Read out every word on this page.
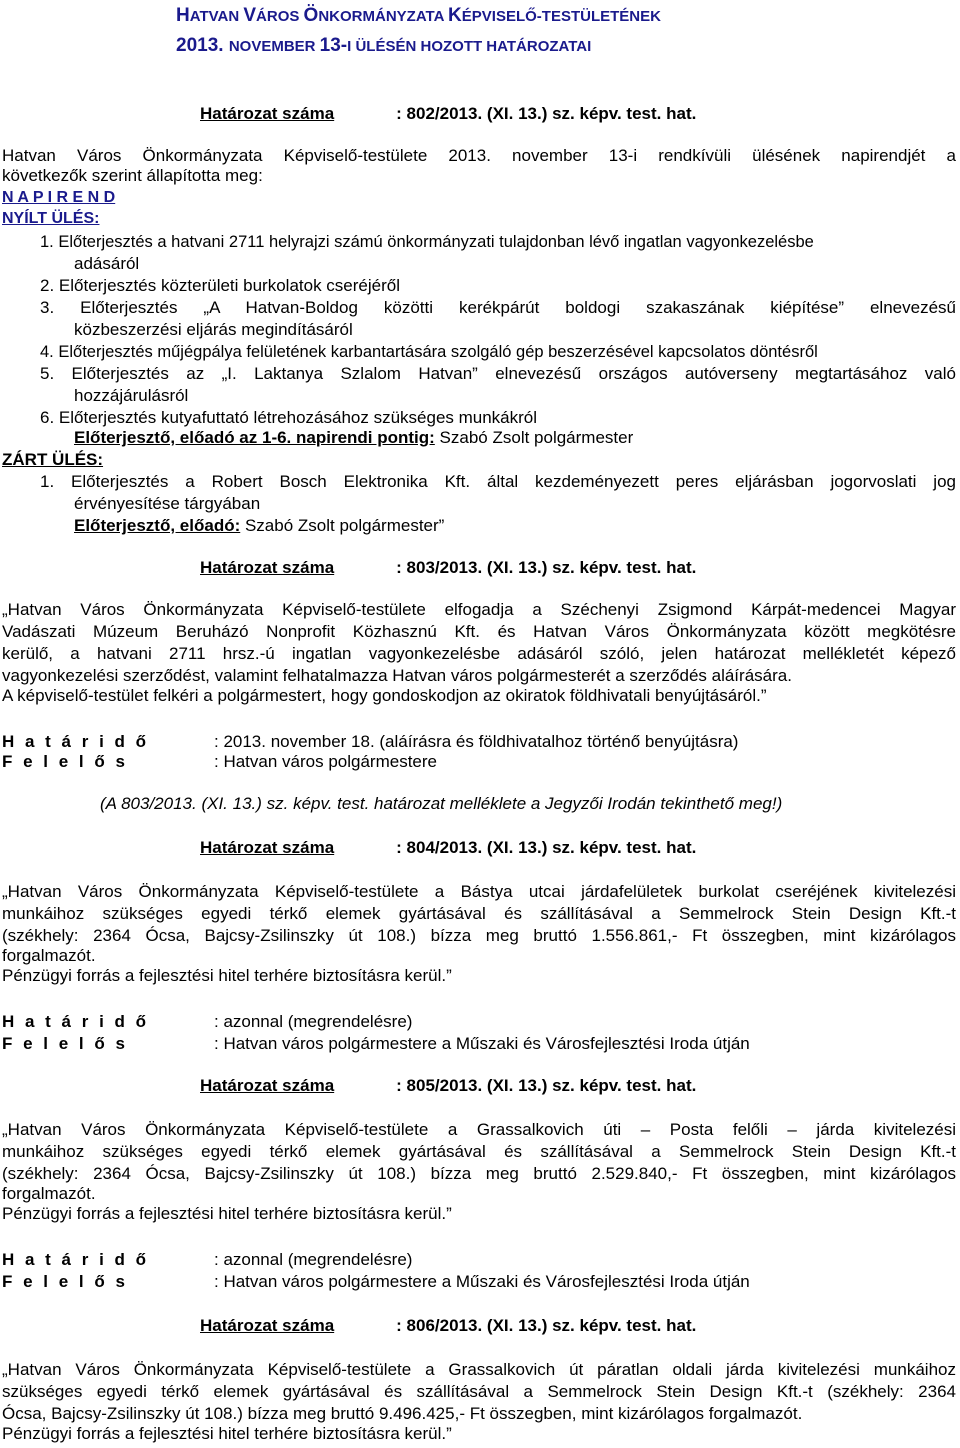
HATVAN VÁROS ÖNKORMÁNYZATA KÉPVISELŐ-TESTÜLETÉNEK
2013. NOVEMBER 13-I ÜLÉSÉN HOZOTT HATÁROZATAI
Határozat száma	: 802/2013. (XI. 13.) sz. képv. test. hat.
Hatvan Város Önkormányzata Képviselő-testülete 2013. november 13-i rendkívüli ülésének napirendjét a
következők szerint állapította meg:
N A P I R E N D
NYÍLT ÜLÉS:
1. Előterjesztés a hatvani 2711 helyrajzi számú önkormányzati tulajdonban lévő ingatlan vagyonkezelésbe
adásáról
2. Előterjesztés közterületi burkolatok cseréjéről
3. Előterjesztés „A Hatvan-Boldog közötti kerékpárút boldogi szakaszának kiépítése” elnevezésű
közbeszerzési eljárás megindításáról
4. Előterjesztés műjégpálya felületének karbantartására szolgáló gép beszerzésével kapcsolatos döntésről
5. Előterjesztés az „I. Laktanya Szlalom Hatvan” elnevezésű országos autóverseny megtartásához való
hozzájárulásról
6. Előterjesztés kutyafuttató létrehozásához szükséges munkákról
Előterjesztő, előadó az 1-6. napirendi pontig: Szabó Zsolt polgármester
ZÁRT ÜLÉS:
1. Előterjesztés a Robert Bosch Elektronika Kft. által kezdeményezett peres eljárásban jogorvoslati jog
érvényesítése tárgyában
Előterjesztő, előadó: Szabó Zsolt polgármester”
Határozat száma	: 803/2013. (XI. 13.) sz. képv. test. hat.
„Hatvan Város Önkormányzata Képviselő-testülete elfogadja a Széchenyi Zsigmond Kárpát-medencei Magyar
Vadászati Múzeum Beruházó Nonprofit Közhasznú Kft. és Hatvan Város Önkormányzata között megkötésre
kerülő, a hatvani 2711 hrsz.-ú ingatlan vagyonkezelésbe adásáról szóló, jelen határozat mellékletét képező
vagyonkezelési szerződést, valamint felhatalmazza Hatvan város polgármesterét a szerződés aláírására.
A képviselő-testület felkéri a polgármestert, hogy gondoskodjon az okiratok földhivatali benyújtásáról.”
H a t á r i d ő	: 2013. november 18. (aláírásra és földhivatalhoz történő benyújtásra)
F e l e l ő s	: Hatvan város polgármestere
(A 803/2013. (XI. 13.) sz. képv. test. határozat melléklete a Jegyzői Irodán tekinthető meg!)
Határozat száma	: 804/2013. (XI. 13.) sz. képv. test. hat.
„Hatvan Város Önkormányzata Képviselő-testülete a Bástya utcai járdafelületek burkolat cseréjének kivitelezési
munkáihoz szükséges egyedi térkő elemek gyártásával és szállításával a Semmelrock Stein Design Kft.-t
(székhely: 2364 Ócsa, Bajcsy-Zsilinszky út 108.) bízza meg bruttó 1.556.861,- Ft összegben, mint kizárólagos
forgalmazót.
Pénzügyi forrás a fejlesztési hitel terhére biztosításra kerül.”
H a t á r i d ő	: azonnal (megrendelésre)
F e l e l ő s	: Hatvan város polgármestere a Műszaki és Városfejlesztési Iroda útján
Határozat száma	: 805/2013. (XI. 13.) sz. képv. test. hat.
„Hatvan Város Önkormányzata Képviselő-testülete a Grassalkovich úti – Posta felőli – járda kivitelezési
munkáihoz szükséges egyedi térkő elemek gyártásával és szállításával a Semmelrock Stein Design Kft.-t
(székhely: 2364 Ócsa, Bajcsy-Zsilinszky út 108.) bízza meg bruttó 2.529.840,- Ft összegben, mint kizárólagos
forgalmazót.
Pénzügyi forrás a fejlesztési hitel terhére biztosításra kerül.”
H a t á r i d ő	: azonnal (megrendelésre)
F e l e l ő s	: Hatvan város polgármestere a Műszaki és Városfejlesztési Iroda útján
Határozat száma	: 806/2013. (XI. 13.) sz. képv. test. hat.
„Hatvan Város Önkormányzata Képviselő-testülete a Grassalkovich út páratlan oldali járda kivitelezési munkáihoz
szükséges egyedi térkő elemek gyártásával és szállításával a Semmelrock Stein Design Kft.-t (székhely: 2364
Ócsa, Bajcsy-Zsilinszky út 108.) bízza meg bruttó 9.496.425,- Ft összegben, mint kizárólagos forgalmazót.
Pénzügyi forrás a fejlesztési hitel terhére biztosításra kerül.”
